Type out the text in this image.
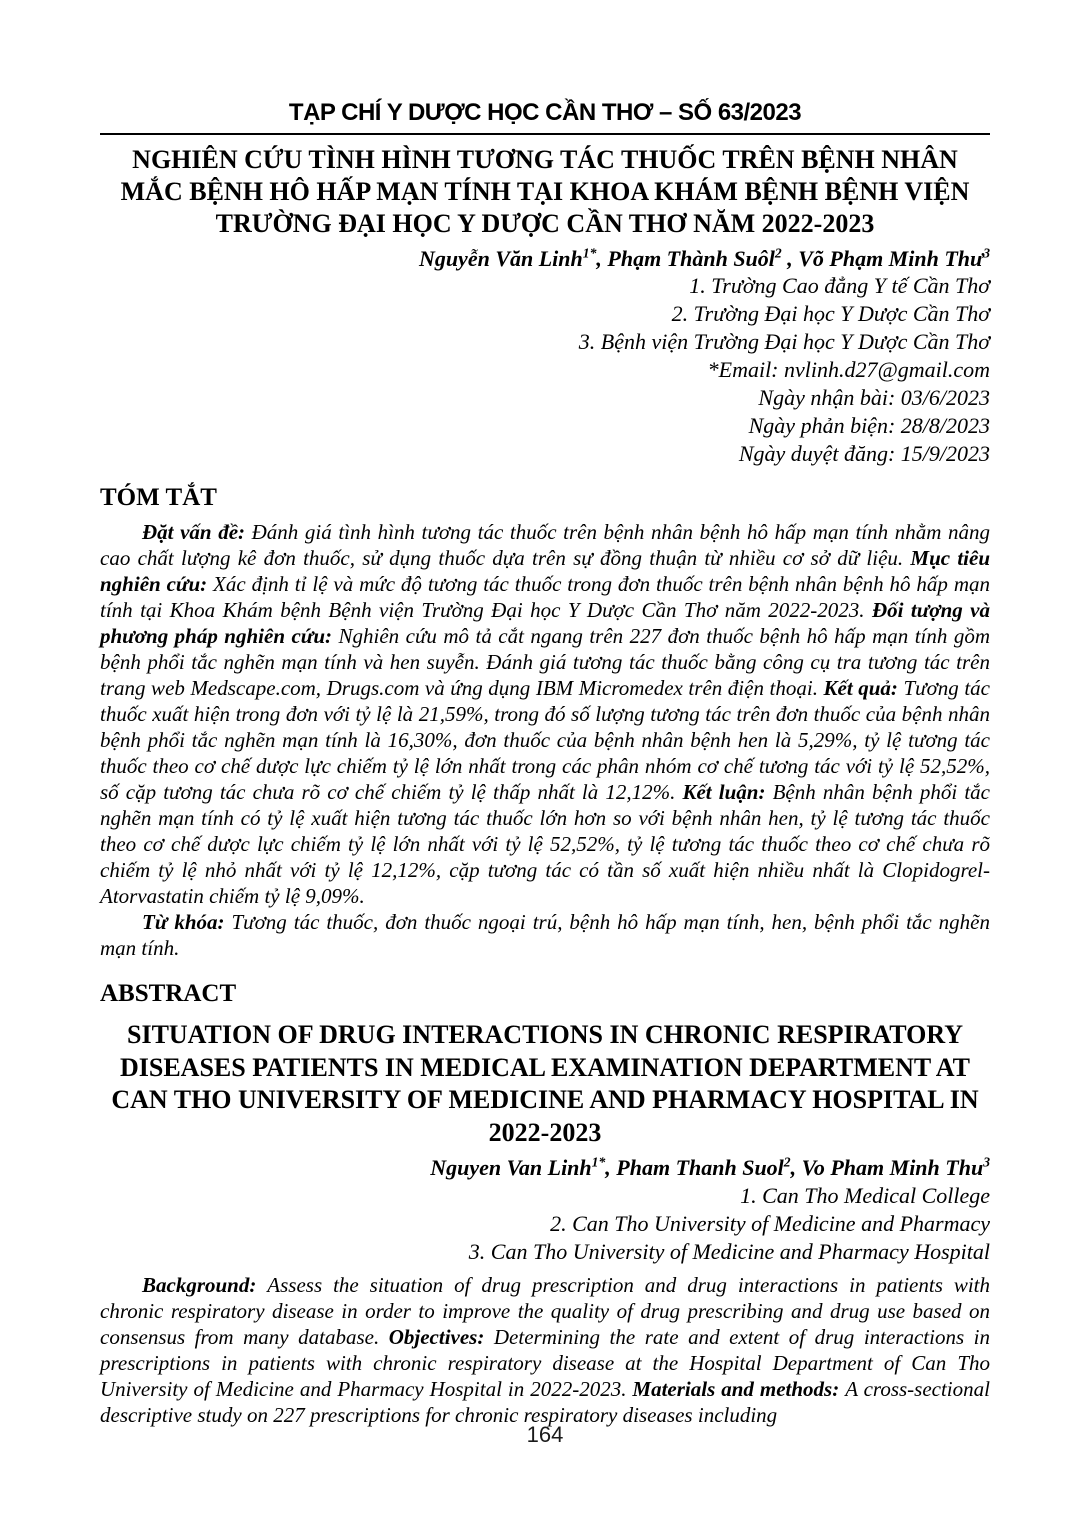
TẠP CHÍ Y DƯỢC HỌC CẦN THƠ – SỐ 63/2023
NGHIÊN CỨU TÌNH HÌNH TƯƠNG TÁC THUỐC TRÊN BỆNH NHÂN MẮC BỆNH HÔ HẤP MẠN TÍNH TẠI KHOA KHÁM BỆNH BỆNH VIỆN TRƯỜNG ĐẠI HỌC Y DƯỢC CẦN THƠ NĂM 2022-2023
Nguyễn Văn Linh$^{1*}$, Phạm Thành Suôl$^2$ , Võ Phạm Minh Thư$^3$
1. Trường Cao đẳng Y tế Cần Thơ
2. Trường Đại học Y Dược Cần Thơ
3. Bệnh viện Trường Đại học Y Dược Cần Thơ
*Email: nvlinh.d27@gmail.com
Ngày nhận bài: 03/6/2023
Ngày phản biện: 28/8/2023
Ngày duyệt đăng: 15/9/2023
TÓM TẮT

Đặt vấn đề: Đánh giá tình hình tương tác thuốc trên bệnh nhân bệnh hô hấp mạn tính nhằm nâng cao chất lượng kê đơn thuốc, sử dụng thuốc dựa trên sự đồng thuận từ nhiều cơ sở dữ liệu. Mục tiêu nghiên cứu: Xác định tỉ lệ và mức độ tương tác thuốc trong đơn thuốc trên bệnh nhân bệnh hô hấp mạn tính tại Khoa Khám bệnh Bệnh viện Trường Đại học Y Dược Cần Thơ năm 2022-2023. Đối tượng và phương pháp nghiên cứu: Nghiên cứu mô tả cắt ngang trên 227 đơn thuốc bệnh hô hấp mạn tính gồm bệnh phổi tắc nghẽn mạn tính và hen suyễn. Đánh giá tương tác thuốc bằng công cụ tra tương tác trên trang web Medscape.com, Drugs.com và ứng dụng IBM Micromedex trên điện thoại. Kết quả: Tương tác thuốc xuất hiện trong đơn với tỷ lệ là 21,59%, trong đó số lượng tương tác trên đơn thuốc của bệnh nhân bệnh phổi tắc nghẽn mạn tính là 16,30%, đơn thuốc của bệnh nhân bệnh hen là 5,29%, tỷ lệ tương tác thuốc theo cơ chế dược lực chiếm tỷ lệ lớn nhất trong các phân nhóm cơ chế tương tác với tỷ lệ 52,52%, số cặp tương tác chưa rõ cơ chế chiếm tỷ lệ thấp nhất là 12,12%. Kết luận: Bệnh nhân bệnh phổi tắc nghẽn mạn tính có tỷ lệ xuất hiện tương tác thuốc lớn hơn so với bệnh nhân hen, tỷ lệ tương tác thuốc theo cơ chế dược lực chiếm tỷ lệ lớn nhất với tỷ lệ 52,52%, tỷ lệ tương tác thuốc theo cơ chế chưa rõ chiếm tỷ lệ nhỏ nhất với tỷ lệ 12,12%, cặp tương tác có tần số xuất hiện nhiều nhất là Clopidogrel-Atorvastatin chiếm tỷ lệ 9,09%.

Từ khóa: Tương tác thuốc, đơn thuốc ngoại trú, bệnh hô hấp mạn tính, hen, bệnh phổi tắc nghẽn mạn tính.

ABSTRACT
SITUATION OF DRUG INTERACTIONS IN CHRONIC RESPIRATORY DISEASES PATIENTS IN MEDICAL EXAMINATION DEPARTMENT AT CAN THO UNIVERSITY OF MEDICINE AND PHARMACY HOSPITAL IN 2022-2023
Nguyen Van Linh$^{1*}$, Pham Thanh Suol$^2$, Vo Pham Minh Thu$^3$
1. Can Tho Medical College
2. Can Tho University of Medicine and Pharmacy
3. Can Tho University of Medicine and Pharmacy Hospital

Background: Assess the situation of drug prescription and drug interactions in patients with chronic respiratory disease in order to improve the quality of drug prescribing and drug use based on consensus from many database. Objectives: Determining the rate and extent of drug interactions in prescriptions in patients with chronic respiratory disease at the Hospital Department of Can Tho University of Medicine and Pharmacy Hospital in 2022-2023. Materials and methods: A cross-sectional descriptive study on 227 prescriptions for chronic respiratory diseases including

164
